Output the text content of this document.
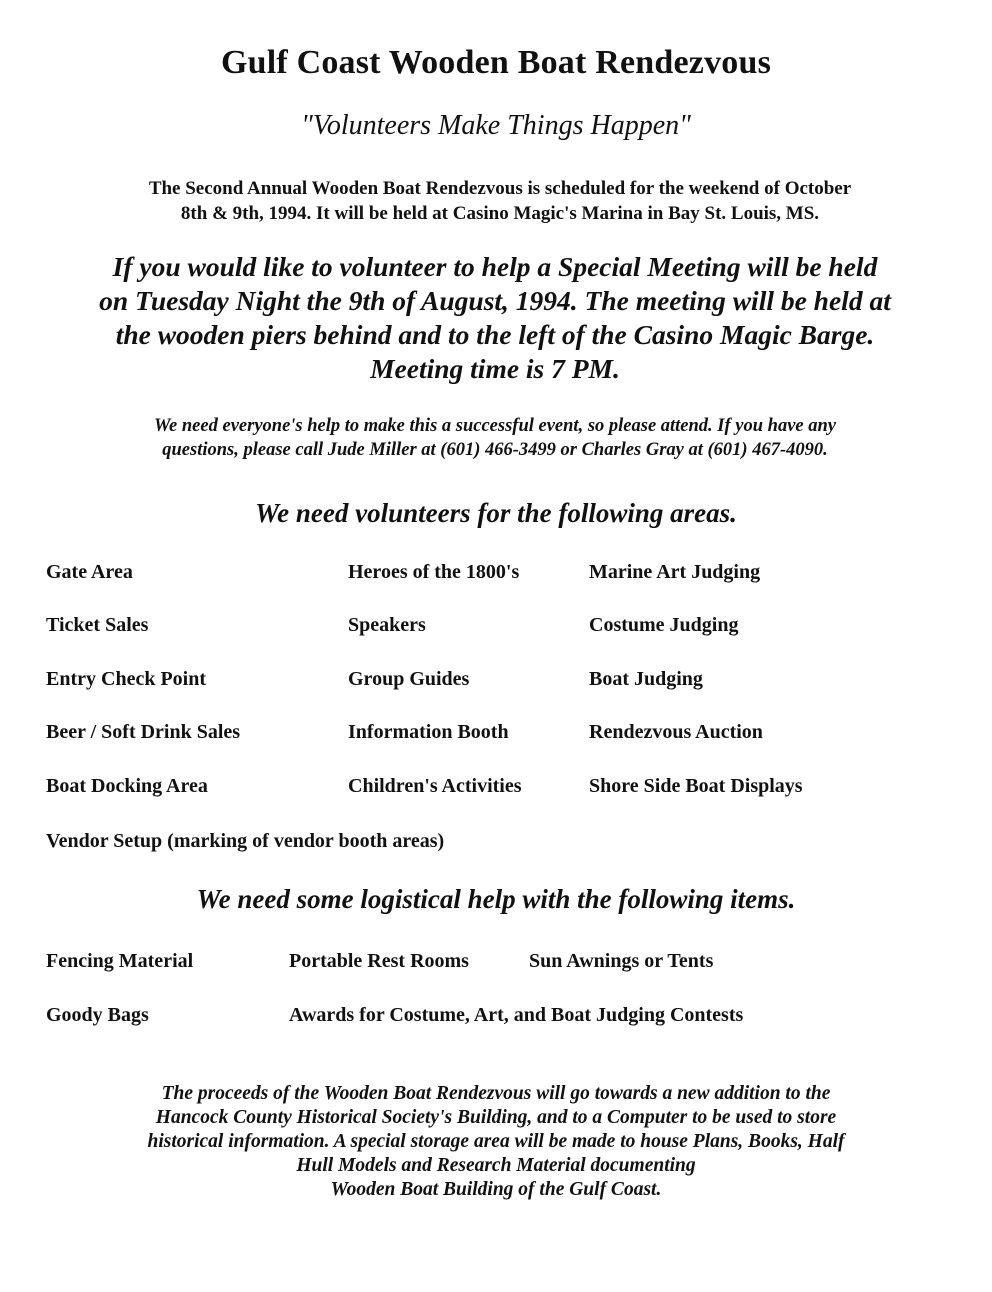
Gulf Coast Wooden Boat Rendezvous
"Volunteers Make Things Happen"
The Second Annual Wooden Boat Rendezvous is scheduled for the weekend of October
8th & 9th, 1994. It will be held at Casino Magic's Marina in Bay St. Louis, MS.
If you would like to volunteer to help a Special Meeting will be held
on Tuesday Night the 9th of August, 1994. The meeting will be held at
the wooden piers behind and to the left of the Casino Magic Barge.
Meeting time is 7 PM.
We need everyone's help to make this a successful event, so please attend. If you have any
questions, please call Jude Miller at (601) 466-3499 or Charles Gray at (601) 467-4090.
We need volunteers for the following areas.
Gate Area	Heroes of the 1800's	Marine Art Judging
Ticket Sales	Speakers	Costume Judging
Entry Check Point	Group Guides	Boat Judging
Beer / Soft Drink Sales	Information Booth	Rendezvous Auction
Boat Docking Area	Children's Activities	Shore Side Boat Displays
Vendor Setup (marking of vendor booth areas)
We need some logistical help with the following items.
Fencing Material	Portable Rest Rooms	Sun Awnings or Tents
Goody Bags	Awards for Costume, Art, and Boat Judging Contests
The proceeds of the Wooden Boat Rendezvous will go towards a new addition to the
Hancock County Historical Society's Building, and to a Computer to be used to store
historical information. A special storage area will be made to house Plans, Books, Half
Hull Models and Research Material documenting
Wooden Boat Building of the Gulf Coast.
